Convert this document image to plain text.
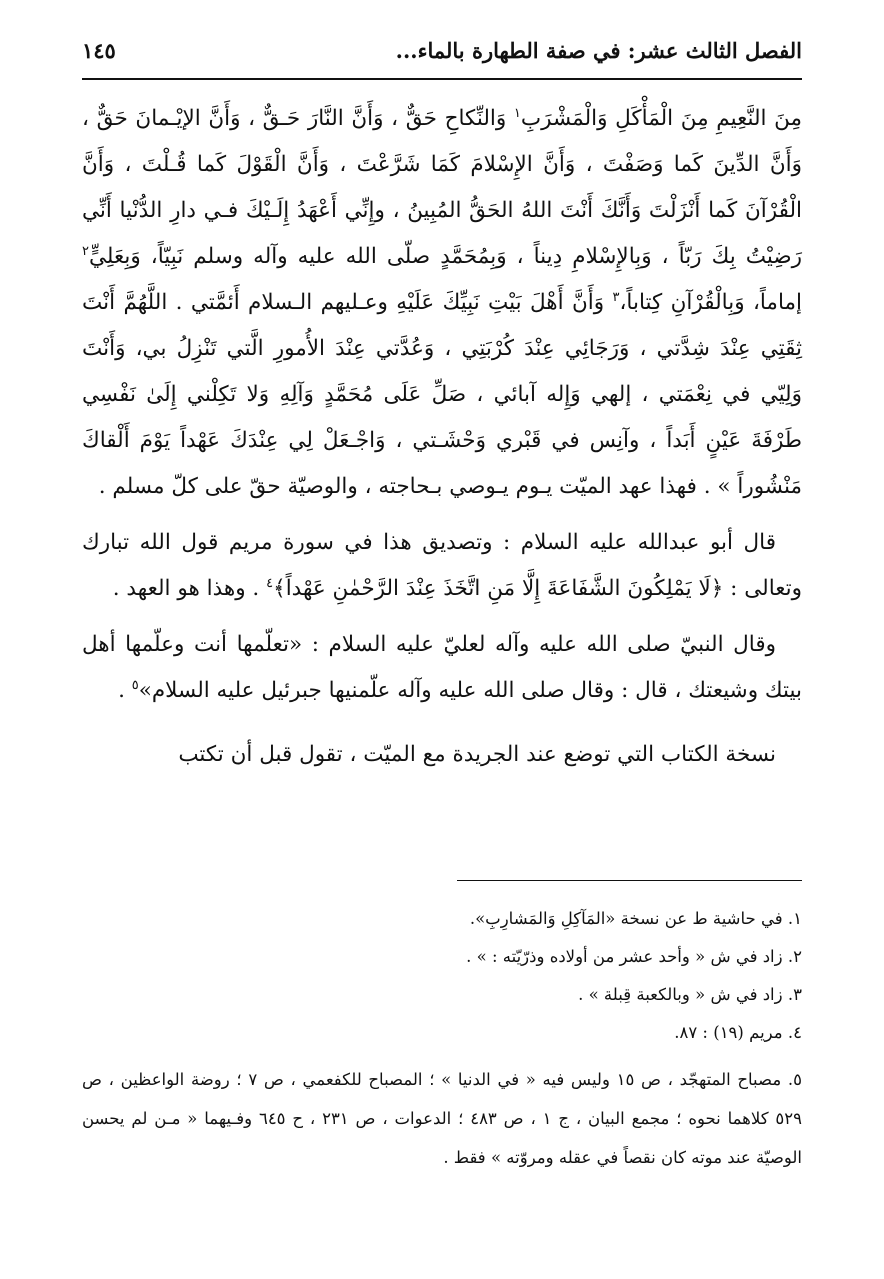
الفصل الثالث عشر: في صفة الطهارة بالماء...
١٤٥

مِنَ النَّعِيمِ مِنَ الْمَأْكَلِ وَالْمَشْرَبِ$^١$ وَالنِّكاحِ حَقٌّ ، وَأَنَّ النَّارَ حَـقٌّ ، وَأَنَّ الإيْـمانَ حَقٌّ ، وَأَنَّ الدِّينَ كَما وَصَفْتَ ، وَأَنَّ الإِسْلامَ كَمَا شَرَّعْتَ ، وَأَنَّ الْقَوْلَ كَما قُـلْتَ ، وَأَنَّ الْقُرْآنَ كَما أَنْزَلْتَ وَأَنَّكَ أَنْتَ اللهُ الحَقُّ المُبِينُ ، وإِنِّي أَعْهَدُ إِلَـيْكَ فـي دارِ الدُّنْيا أَنِّي رَضِيْتُ بِكَ رَبّاً ، وَبِالإِسْلامِ دِيناً ، وَبِمُحَمَّدٍ صلّى الله عليه وآله وسلم نَبِيّاً، وَبِعَلِيٍّ$^٢$ إماماً، وَبِالْقُرْآنِ كِتاباً،$^٣$ وَأَنَّ أَهْلَ بَيْتِ نَبِيِّكَ عَلَيْهِ وعـليهم الـسلام أَئمَّتي . اللَّهُمَّ أَنْتَ ثِقَتِي عِنْدَ شِدَّتي ، وَرَجَائِي عِنْدَ كُرْبَتِي ، وَعُدَّتي عِنْدَ الأُمورِ الَّتي تَنْزِلُ بي، وَأَنْتَ وَلِيّي في نِعْمَتي ، إلهي وَإِله آبائي ، صَلِّ عَلَى مُحَمَّدٍ وَآلِهِ وَلا تَكِلْني إِلَىٰ نَفْسِي طَرْفَةَ عَيْنٍ أَبَداً ، وآنِس في قَبْري وَحْشَـتي ، وَاجْـعَلْ لِي عِنْدَكَ عَهْداً يَوْمَ أَلْقاكَ مَنْشُوراً » . فهذا عهد الميّت يـوم يـوصي بـحاجته ، والوصيّة حقّ على كلّ مسلم .

قال أبو عبدالله عليه السلام : وتصديق هذا في سورة مريم قول الله تبارك وتعالى : ﴿لَا يَمْلِكُونَ الشَّفَاعَةَ إِلَّا مَنِ اتَّخَذَ عِنْدَ الرَّحْمٰنِ عَهْداً﴾$^٤$ . وهذا هو العهد .

وقال النبيّ صلى الله عليه وآله لعليّ عليه السلام : «تعلّمها أنت وعلّمها أهل بيتك وشيعتك ، قال : وقال صلى الله عليه وآله علّمنيها جبرئيل عليه السلام»$^٥$ .

نسخة الكتاب التي توضع عند الجريدة مع الميّت ، تقول قبل أن تكتب

١. في حاشية ط عن نسخة «المَآكِلِ وَالمَشارِبِ».

٢. زاد في ش « وأحد عشر من أولاده وذرّيّته : » .

٣. زاد في ش « وبالكعبة قِبلة » .

٤. مريم (١٩) : ٨٧.

٥. مصباح المتهجّد ، ص ١٥ وليس فيه « في الدنيا » ؛ المصباح للكفعمي ، ص ٧ ؛ روضة الواعظين ، ص ٥٢٩ كلاهما نحوه ؛ مجمع البيان ، ج ١ ، ص ٤٨٣ ؛ الدعوات ، ص ٢٣١ ، ح ٦٤٥ وفـيهما « مـن لم يحسن الوصيّة عند موته كان نقصاً في عقله ومروّته » فقط .
